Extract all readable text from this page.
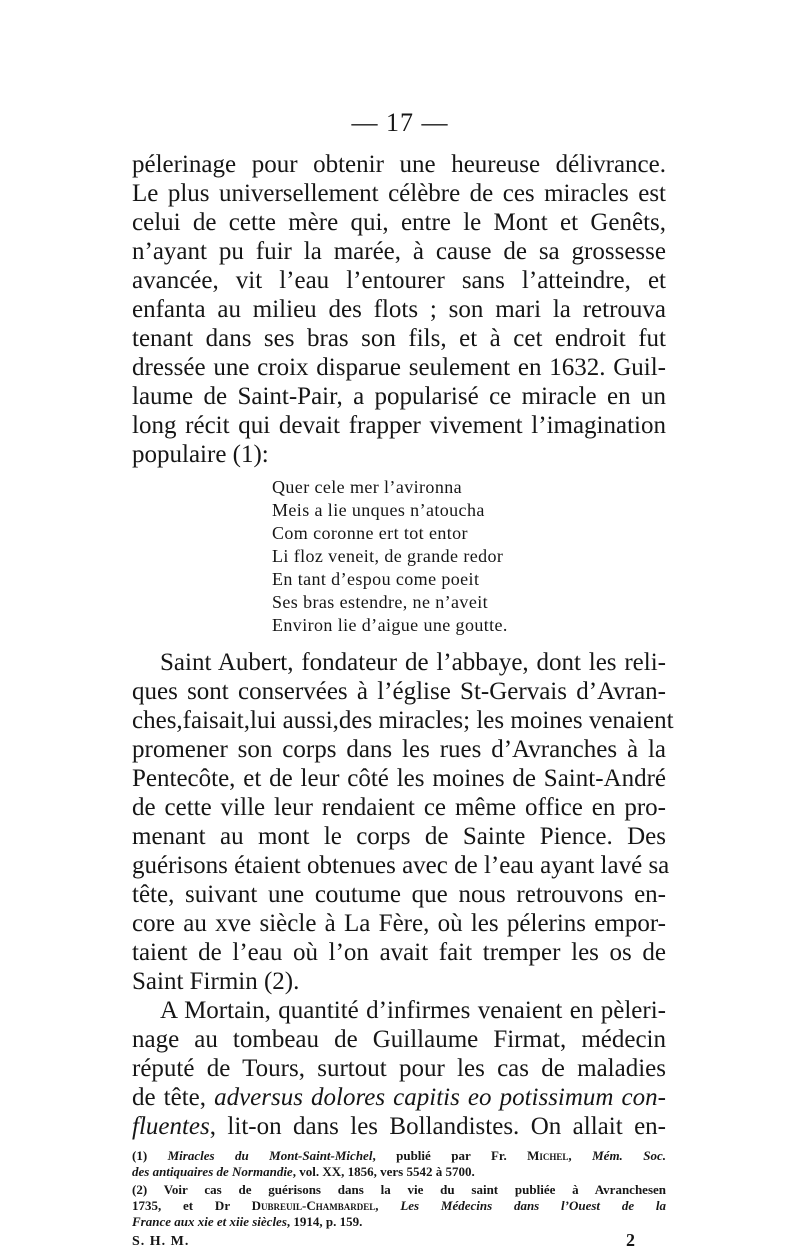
— 17 —
pélerinage pour obtenir une heureuse délivrance.
Le plus universellement célèbre de ces miracles est
celui de cette mère qui, entre le Mont et Genêts,
n’ayant pu fuir la marée, à cause de sa grossesse
avancée, vit l’eau l’entourer sans l’atteindre, et
enfanta au milieu des flots ; son mari la retrouva
tenant dans ses bras son fils, et à cet endroit fut
dressée une croix disparue seulement en 1632. Guil-
laume de Saint-Pair, a popularisé ce miracle en un
long récit qui devait frapper vivement l’imagination
populaire (1):
Quer cele mer l’avironna
Meis a lie unques n’atoucha
Com coronne ert tot entor
Li floz veneit, de grande redor
En tant d’espou come poeit
Ses bras estendre, ne n’aveit
Environ lie d’aigue une goutte.
Saint Aubert, fondateur de l’abbaye, dont les reli-
ques sont conservées à l’église St-Gervais d’Avran-
ches,faisait,lui aussi,des miracles; les moines venaient
promener son corps dans les rues d’Avranches à la
Pentecôte, et de leur côté les moines de Saint-André
de cette ville leur rendaient ce même office en pro-
menant au mont le corps de Sainte Pience. Des
guérisons étaient obtenues avec de l’eau ayant lavé sa
tête, suivant une coutume que nous retrouvons en-
core au xve siècle à La Fère, où les pélerins empor-
taient de l’eau où l’on avait fait tremper les os de
Saint Firmin (2).
A Mortain, quantité d’infirmes venaient en pèleri-
nage au tombeau de Guillaume Firmat, médecin
réputé de Tours, surtout pour les cas de maladies
de tête, adversus dolores capitis eo potissimum con-
fluentes, lit-on dans les Bollandistes. On allait en-
(1) Miracles du Mont-Saint-Michel, publié par Fr. Michel, Mém. Soc.
des antiquaires de Normandie, vol. XX, 1856, vers 5542 à 5700.
(2) Voir cas de guérisons dans la vie du saint publiée à Avranchesen
1735, et Dr Dubreuil-Chambardel, Les Médecins dans l’Ouest de la
France aux xie et xiie siècles, 1914, p. 159.
S. H. M.	2
